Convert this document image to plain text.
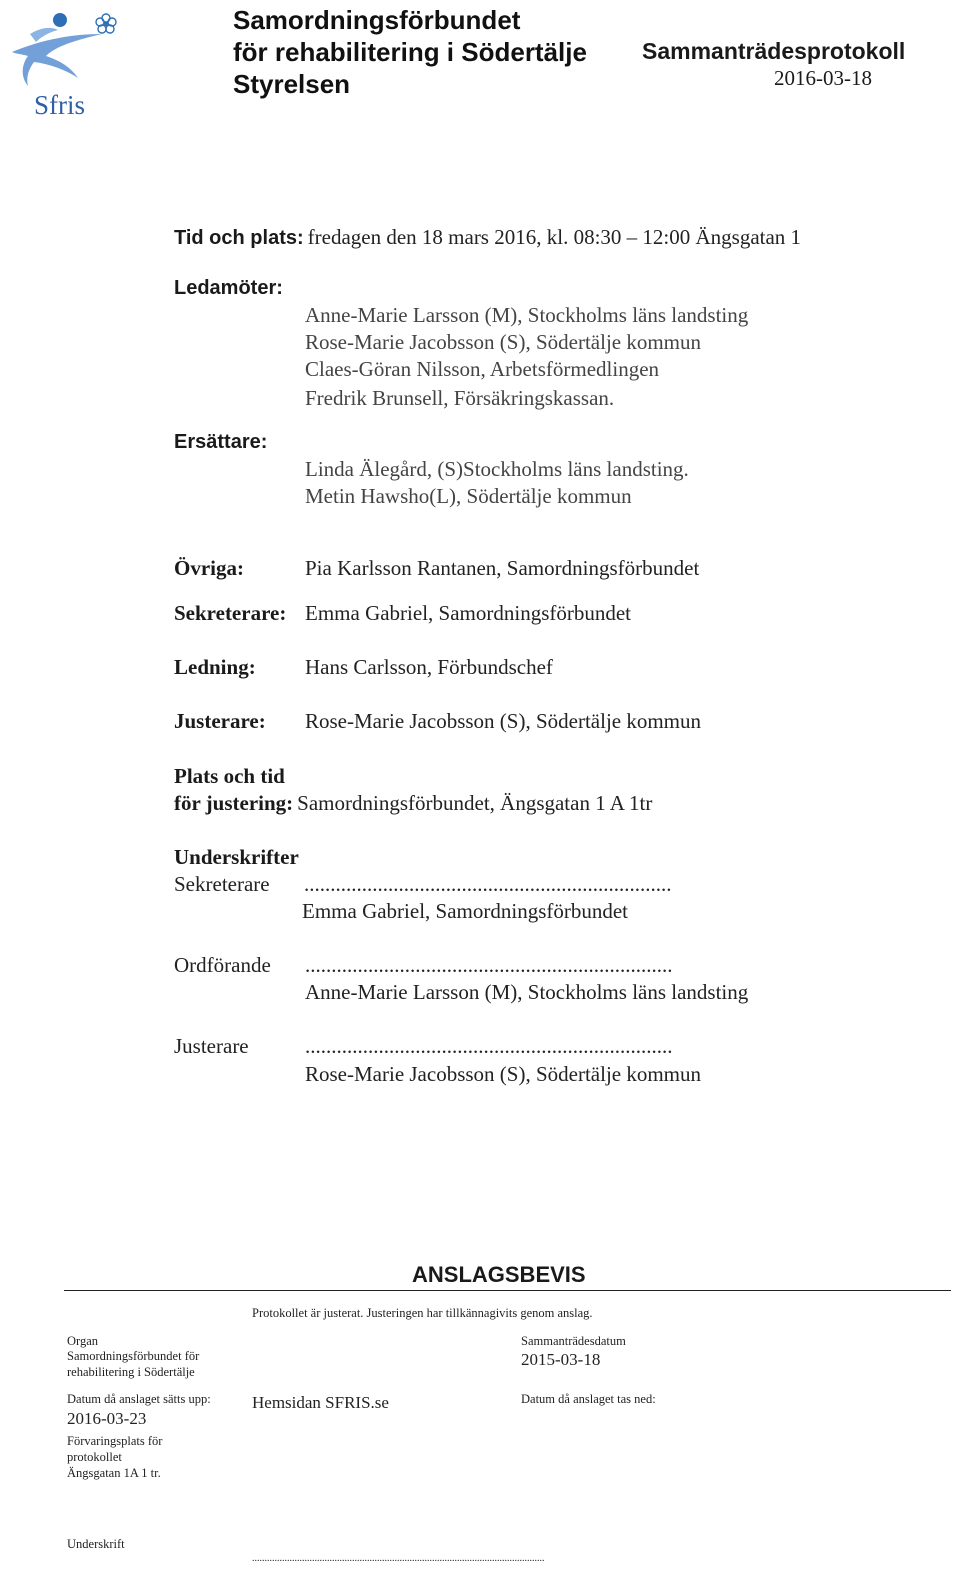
Sfris
Samordningsförbundet
för rehabilitering i Södertälje
Styrelsen
Sammanträdesprotokoll
2016-03-18
Tid och plats: fredagen den 18 mars 2016, kl. 08:30 – 12:00 Ängsgatan 1
Ledamöter:
Anne-Marie Larsson (M), Stockholms läns landsting
Rose-Marie Jacobsson (S), Södertälje kommun
Claes-Göran Nilsson, Arbetsförmedlingen
Fredrik Brunsell, Försäkringskassan.
Ersättare:
Linda Älegård, (S)Stockholms läns landsting.
Metin Hawsho(L), Södertälje kommun
Övriga:	Pia Karlsson Rantanen, Samordningsförbundet
Sekreterare: Emma Gabriel, Samordningsförbundet
Ledning: Hans Carlsson, Förbundschef
Justerare: Rose-Marie Jacobsson (S), Södertälje kommun
Plats och tid
för justering: Samordningsförbundet, Ängsgatan 1 A 1tr
Underskrifter
Sekreterare ......................................................................
Emma Gabriel, Samordningsförbundet
Ordförande ......................................................................
Anne-Marie Larsson (M), Stockholms läns landsting
Justerare	......................................................................
Rose-Marie Jacobsson (S), Södertälje kommun
ANSLAGSBEVIS
Protokollet är justerat. Justeringen har tillkännagivits genom anslag.
Organ
Samordningsförbundet för
rehabilitering i Södertälje
Sammanträdesdatum
2015-03-18
Datum då anslaget sätts upp:
2016-03-23
Hemsidan SFRIS.se	Datum då anslaget tas ned:
Förvaringsplats för
protokollet
Ängsgatan 1A 1 tr.
Underskrift
.....................................................................................................................
